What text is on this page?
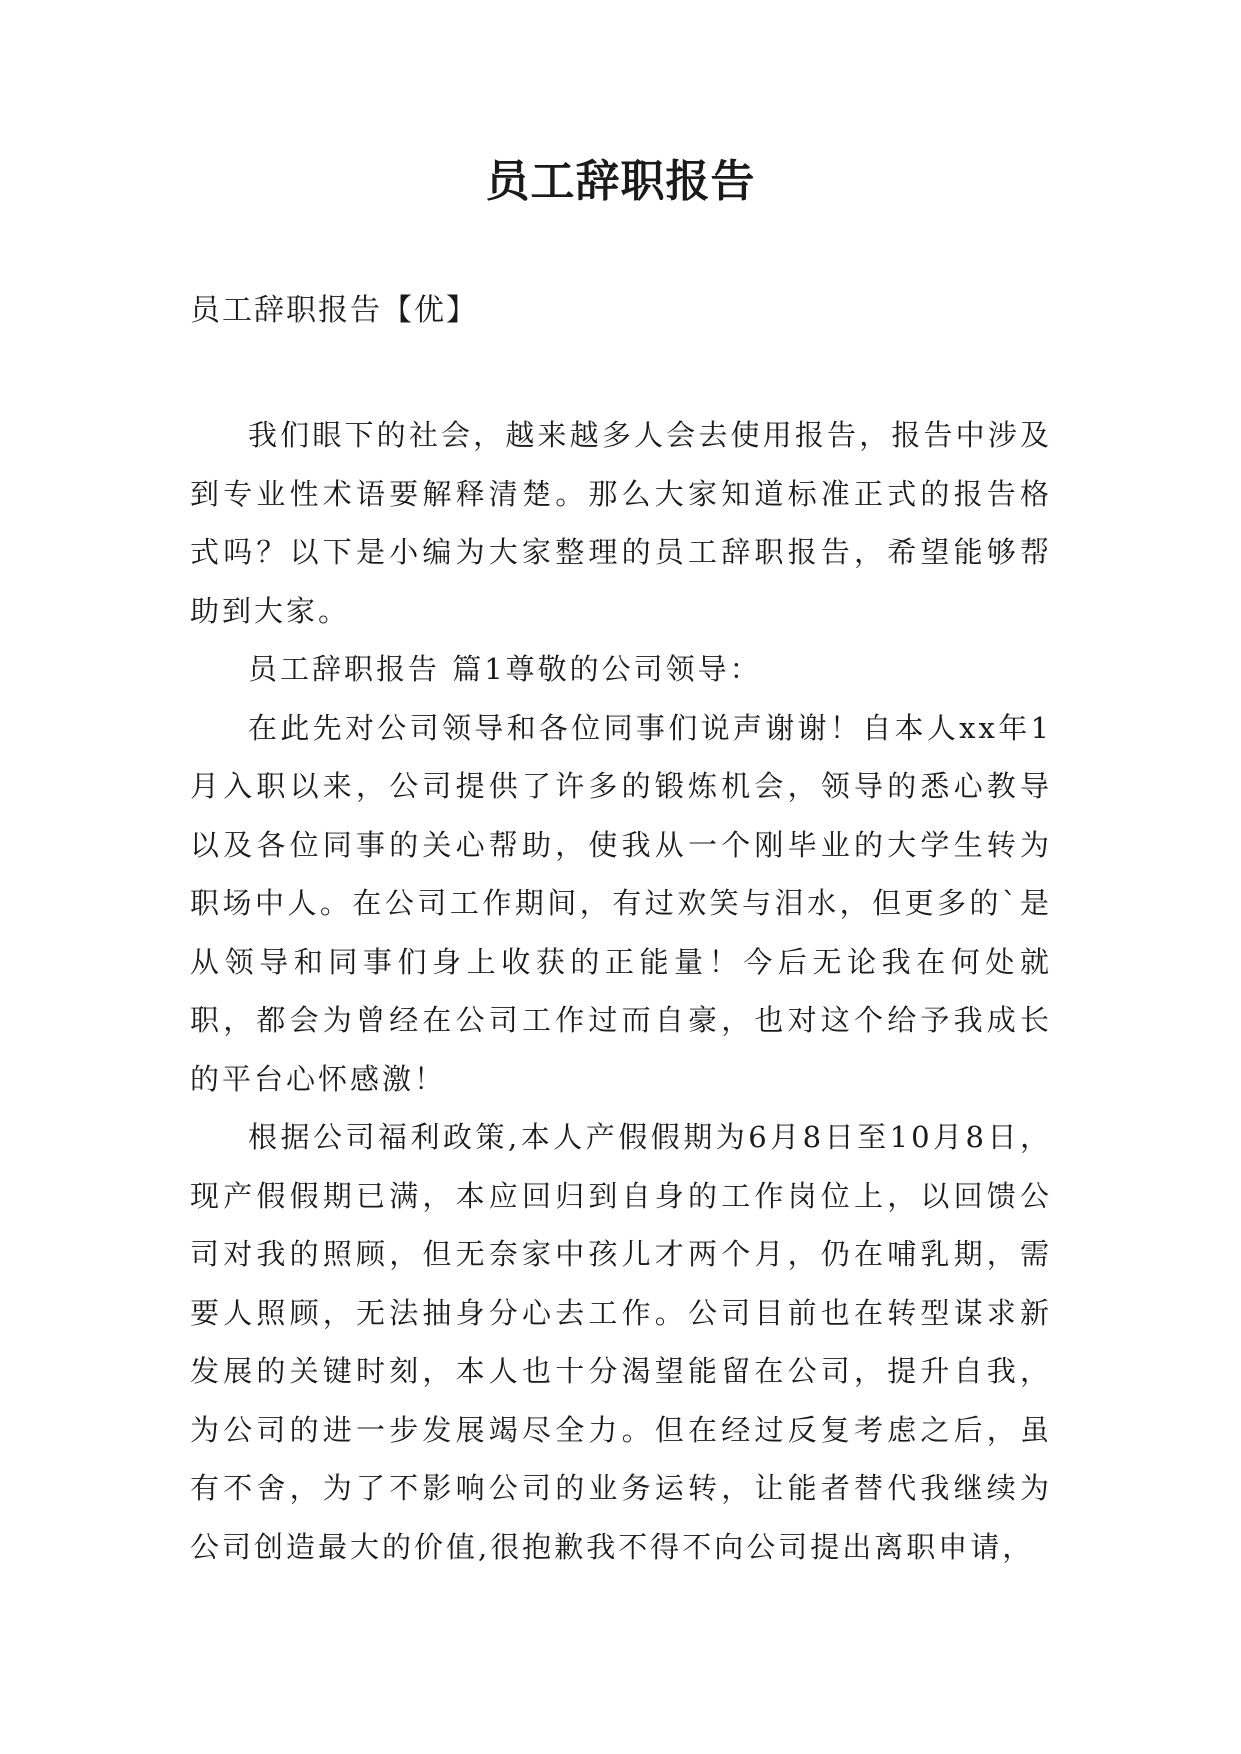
员工辞职报告
员工辞职报告【优】

我们眼下的社会，越来越多人会去使用报告，报告中涉及到专业性术语要解释清楚。那么大家知道标准正式的报告格式吗？以下是小编为大家整理的员工辞职报告，希望能够帮助到大家。

员工辞职报告 篇1尊敬的公司领导：

在此先对公司领导和各位同事们说声谢谢！自本人xx年1月入职以来，公司提供了许多的锻炼机会，领导的悉心教导以及各位同事的关心帮助，使我从一个刚毕业的大学生转为职场中人。在公司工作期间，有过欢笑与泪水，但更多的`是从领导和同事们身上收获的正能量！今后无论我在何处就职，都会为曾经在公司工作过而自豪，也对这个给予我成长的平台心怀感激！

根据公司福利政策,本人产假假期为6月8日至10月8日，现产假假期已满，本应回归到自身的工作岗位上，以回馈公司对我的照顾，但无奈家中孩儿才两个月，仍在哺乳期，需要人照顾，无法抽身分心去工作。公司目前也在转型谋求新发展的关键时刻，本人也十分渴望能留在公司，提升自我，为公司的进一步发展竭尽全力。但在经过反复考虑之后，虽有不舍，为了不影响公司的业务运转，让能者替代我继续为公司创造最大的价值,很抱歉我不得不向公司提出离职申请，
